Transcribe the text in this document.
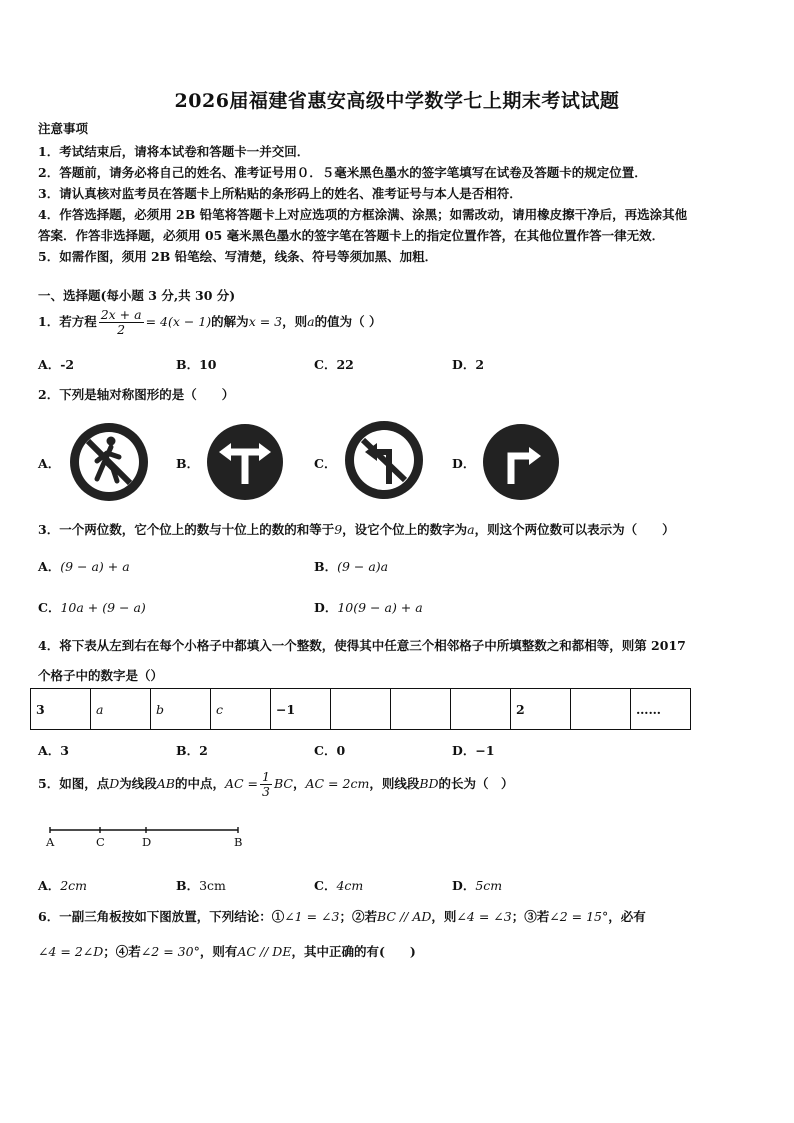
2026届福建省惠安高级中学数学七上期末考试试题
注意事项
1．考试结束后，请将本试卷和答题卡一并交回．
2．答题前，请务必将自己的姓名、准考证号用０．５毫米黑色墨水的签字笔填写在试卷及答题卡的规定位置．
3．请认真核对监考员在答题卡上所粘贴的条形码上的姓名、准考证号与本人是否相符．
4．作答选择题，必须用 2B 铅笔将答题卡上对应选项的方框涂满、涂黑；如需改动，请用橡皮擦干净后，再选涂其他
答案．作答非选择题，必须用 05 毫米黑色墨水的签字笔在答题卡上的指定位置作答，在其他位置作答一律无效．
5．如需作图，须用 2B 铅笔绘、写清楚，线条、符号等须加黑、加粗．
一、选择题(每小题 3 分,共 30 分)
1．若方程 $\frac{2x + a}{2} = 4(x - 1)$的解为x = 3，则a的值为（ ）
A．-2	B．10	C．22	D．2
2．下列是轴对称图形的是（　　）
A．	B．	C．	D．
3．一个两位数，它个位上的数与十位上的数的和等于9，设它个位上的数字为a，则这个两位数可以表示为（　　）
A．(9 − a) + a	B．(9 − a)a
C．10a + (9 − a)	D．10(9 − a) + a
4．将下表从左到右在每个小格子中都填入一个整数，使得其中任意三个相邻格子中所填整数之和都相等，则第 2017
个格子中的数字是（）
3	a	b	c	−1				2		……
A．3	B．2	C．0	D．−1
5．如图，点D为线段AB的中点，AC = $\frac{1}{3}$ BC，AC = 2cm，则线段BD的长为（　）
A	C	D	B
A．2cm	B．3cm	C．4cm	D．5cm
6．一副三角板按如下图放置，下列结论：①∠1 = ∠3；②若BC // AD，则∠4 = ∠3；③若∠2 = 15°，必有
∠4 = 2∠D；④若∠2 = 30°，则有AC // DE，其中正确的有(　　)
